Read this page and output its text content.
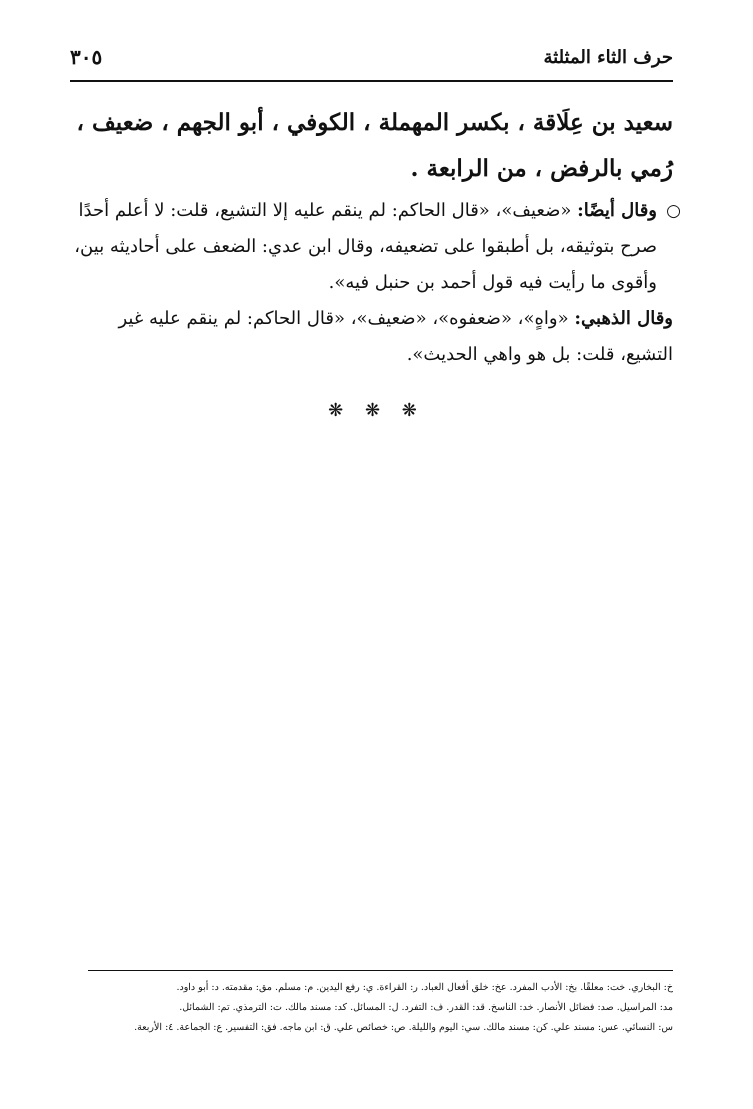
حرف الثاء المثلثة
٣٠٥
سعيد بن عِلَاقة ، بكسر المهملة ، الكوفي ، أبو الجهم ، ضعيف ، رُمي بالرفض ، من الرابعة .

○
وقال أيضًا: «ضعيف»، «قال الحاكم: لم ينقم عليه إلا التشيع، قلت: لا أعلم أحدًا صرح بتوثيقه، بل أطبقوا على تضعيفه، وقال ابن عدي: الضعف على أحاديثه بين، وأقوى ما رأيت فيه قول أحمد بن حنبل فيه».

وقال الذهبي: «واهٍ»، «ضعفوه»، «ضعيف»، «قال الحاكم: لم ينقم عليه غير التشيع، قلت: بل هو واهي الحديث».

❋ ❋ ❋

خ: البخاري. خت: معلقًا. بخ: الأدب المفرد. عخ: خلق أفعال العباد. ر: القراءة. ي: رفع اليدين. م: مسلم. مق: مقدمته. د: أبو داود.

مد: المراسيل. صد: فضائل الأنصار. خد: الناسخ. قد: القدر. ف: التفرد. ل: المسائل. كد: مسند مالك. ت: الترمذي. تم: الشمائل.

س: النسائي. عس: مسند علي. كن: مسند مالك. سي: اليوم والليلة. ص: خصائص علي. ق: ابن ماجه. فق: التفسير. ع: الجماعة. ٤: الأربعة.
